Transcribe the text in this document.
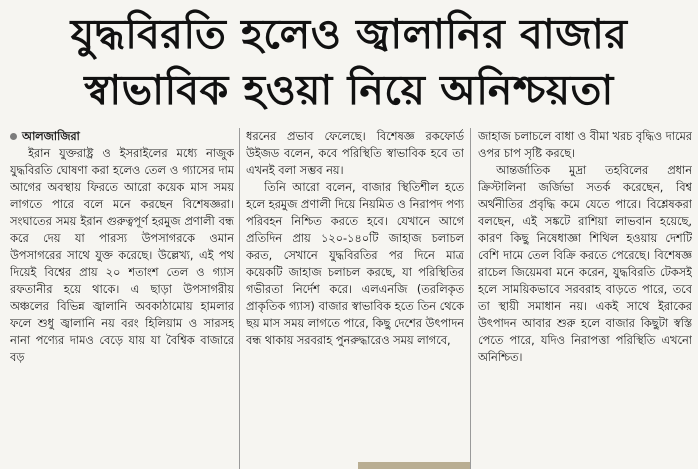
যুদ্ধবিরতি হলেও জ্বালানির বাজার
স্বাভাবিক হওয়া নিয়ে অনিশ্চয়তা
আলজাজিরা

ইরান যুক্তরাষ্ট্র ও ইসরাইলের মধ্যে নাজুক যুদ্ধবিরতি ঘোষণা করা হলেও তেল ও গ্যাসের দাম আগের অবস্থায় ফিরতে আরো কয়েক মাস সময় লাগতে পারে বলে মনে করছেন বিশেষজ্ঞরা। সংঘাতের সময় ইরান গুরুত্বপূর্ণ হরমুজ প্রণালী বন্ধ করে দেয় যা পারস্য উপসাগরকে ওমান উপসাগরের সাথে যুক্ত করেছে। উল্লেখ্য, এই পথ দিয়েই বিশ্বের প্রায় ২০ শতাংশ তেল ও গ্যাস রফতানীর হয়ে থাকে। এ ছাড়া উপসাগরীয় অঞ্চলের বিভিন্ন জ্বালানি অবকাঠামোয় হামলার ফলে শুধু জ্বালানি নয় বরং হিলিয়াম ও সারসহ নানা পণ্যের দামও বেড়ে যায় যা বৈশ্বিক বাজারে বড়

ধরনের প্রভাব ফেলেছে। বিশেষজ্ঞ রকফোর্ড উইজড বলেন, কবে পরিস্থিতি স্বাভাবিক হবে তা এখনই বলা সম্ভব নয়।

তিনি আরো বলেন, বাজার স্থিতিশীল হতে হলে হরমুজ প্রণালী দিয়ে নিয়মিত ও নিরাপদ পণ্য পরিবহন নিশ্চিত করতে হবে। যেখানে আগে প্রতিদিন প্রায় ১২০-১৪০টি জাহাজ চলাচল করত, সেখানে যুদ্ধবিরতির পর দিনে মাত্র কয়েকটি জাহাজ চলাচল করছে, যা পরিস্থিতির গভীরতা নির্দেশ করে। এলএনজি (তরলিকৃত প্রাকৃতিক গ্যাস) বাজার স্বাভাবিক হতে তিন থেকে ছয় মাস সময় লাগতে পারে, কিছু দেশের উৎপাদন বন্ধ থাকায় সরবরাহ পুনরুদ্ধারেও সময় লাগবে,

জাহাজ চলাচলে বাধা ও বীমা খরচ বৃদ্ধিও দামের ওপর চাপ সৃষ্টি করছে।

আন্তর্জাতিক মুদ্রা তহবিলের প্রধান ক্রিস্টালিনা জর্জিভা সতর্ক করেছেন, বিশ্ব অর্থনীতির প্রবৃদ্ধি কমে যেতে পারে। বিশ্লেষকরা বলছেন, এই সঙ্কটে রাশিয়া লাভবান হয়েছে, কারণ কিছু নিষেধাজ্ঞা শিথিল হওয়ায় দেশটি বেশি দামে তেল বিক্রি করতে পেরেছে। বিশেষজ্ঞ রাচেল জিয়েমবা মনে করেন, যুদ্ধবিরতি টেকসই হলে সাময়িকভাবে সরবরাহ বাড়তে পারে, তবে তা স্থায়ী সমাধান নয়। একই সাথে ইরাকের উৎপাদন আবার শুরু হলে বাজার কিছুটা স্বস্তি পেতে পারে, যদিও নিরাপত্তা পরিস্থিতি এখনো অনিশ্চিত।
